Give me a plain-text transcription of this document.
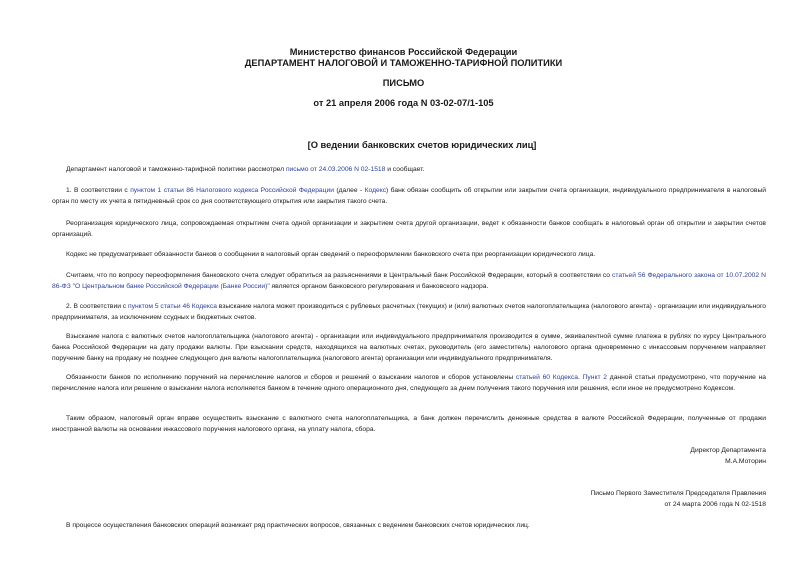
Министерство финансов Российской Федерации
ДЕПАРТАМЕНТ НАЛОГОВОЙ И ТАМОЖЕННО-ТАРИФНОЙ ПОЛИТИКИ
ПИСЬМО
от 21 апреля 2006 года N 03-02-07/1-105
[О ведении банковских счетов юридических лиц]
Департамент налоговой и таможенно-тарифной политики рассмотрел письмо от 24.03.2006 N 02-1518 и сообщает.
1. В соответствии с пунктом 1 статьи 86 Налогового кодекса Российской Федерации (далее - Кодекс) банк обязан сообщить об открытии или закрытии счета организации, индивидуального предпринимателя в налоговый орган по месту их учета в пятидневный срок со дня соответствующего открытия или закрытия такого счета.
Реорганизация юридического лица, сопровождаемая открытием счета одной организации и закрытием счета другой организации, ведет к обязанности банков сообщать в налоговый орган об открытии и закрытии счетов организаций.
Кодекс не предусматривает обязанности банков о сообщении в налоговый орган сведений о переоформлении банковского счета при реорганизации юридического лица.
Считаем, что по вопросу переоформления банковского счета следует обратиться за разъяснениями в Центральный банк Российской Федерации, который в соответствии со статьей 56 Федерального закона от 10.07.2002 N 86-ФЗ "О Центральном банке Российской Федерации (Банке России)" является органом банковского регулирования и банковского надзора.
2. В соответствии с пунктом 5 статьи 46 Кодекса взыскание налога может производиться с рублевых расчетных (текущих) и (или) валютных счетов налогоплательщика (налогового агента) - организации или индивидуального предпринимателя, за исключением ссудных и бюджетных счетов.
Взыскание налога с валютных счетов налогоплательщика (налогового агента) - организации или индивидуального предпринимателя производится в сумме, эквивалентной сумме платежа в рублях по курсу Центрального банка Российской Федерации на дату продажи валюты. При взыскании средств, находящихся на валютных счетах, руководитель (его заместитель) налогового органа одновременно с инкассовым поручением направляет поручение банку на продажу не позднее следующего дня валюты налогоплательщика (налогового агента) организации или индивидуального предпринимателя.
Обязанности банков по исполнению поручений на перечисление налогов и сборов и решений о взыскании налогов и сборов установлены статьей 60 Кодекса. Пункт 2 данной статьи предусмотрено, что поручение на перечисление налога или решение о взыскании налога исполняется банком в течение одного операционного дня, следующего за днем получения такого поручения или решения, если иное не предусмотрено Кодексом.
Таким образом, налоговый орган вправе осуществить взыскание с валютного счета налогоплательщика, а банк должен перечислить денежные средства в валюте Российской Федерации, полученные от продажи иностранной валюты на основании инкассового поручения налогового органа, на уплату налога, сбора.
Директор Департамента
М.А.Моторин
Письмо Первого Заместителя Председателя Правления
от 24 марта 2006 года N 02-1518
В процессе осуществления банковских операций возникает ряд практических вопросов, связанных с ведением банковских счетов юридических лиц.
